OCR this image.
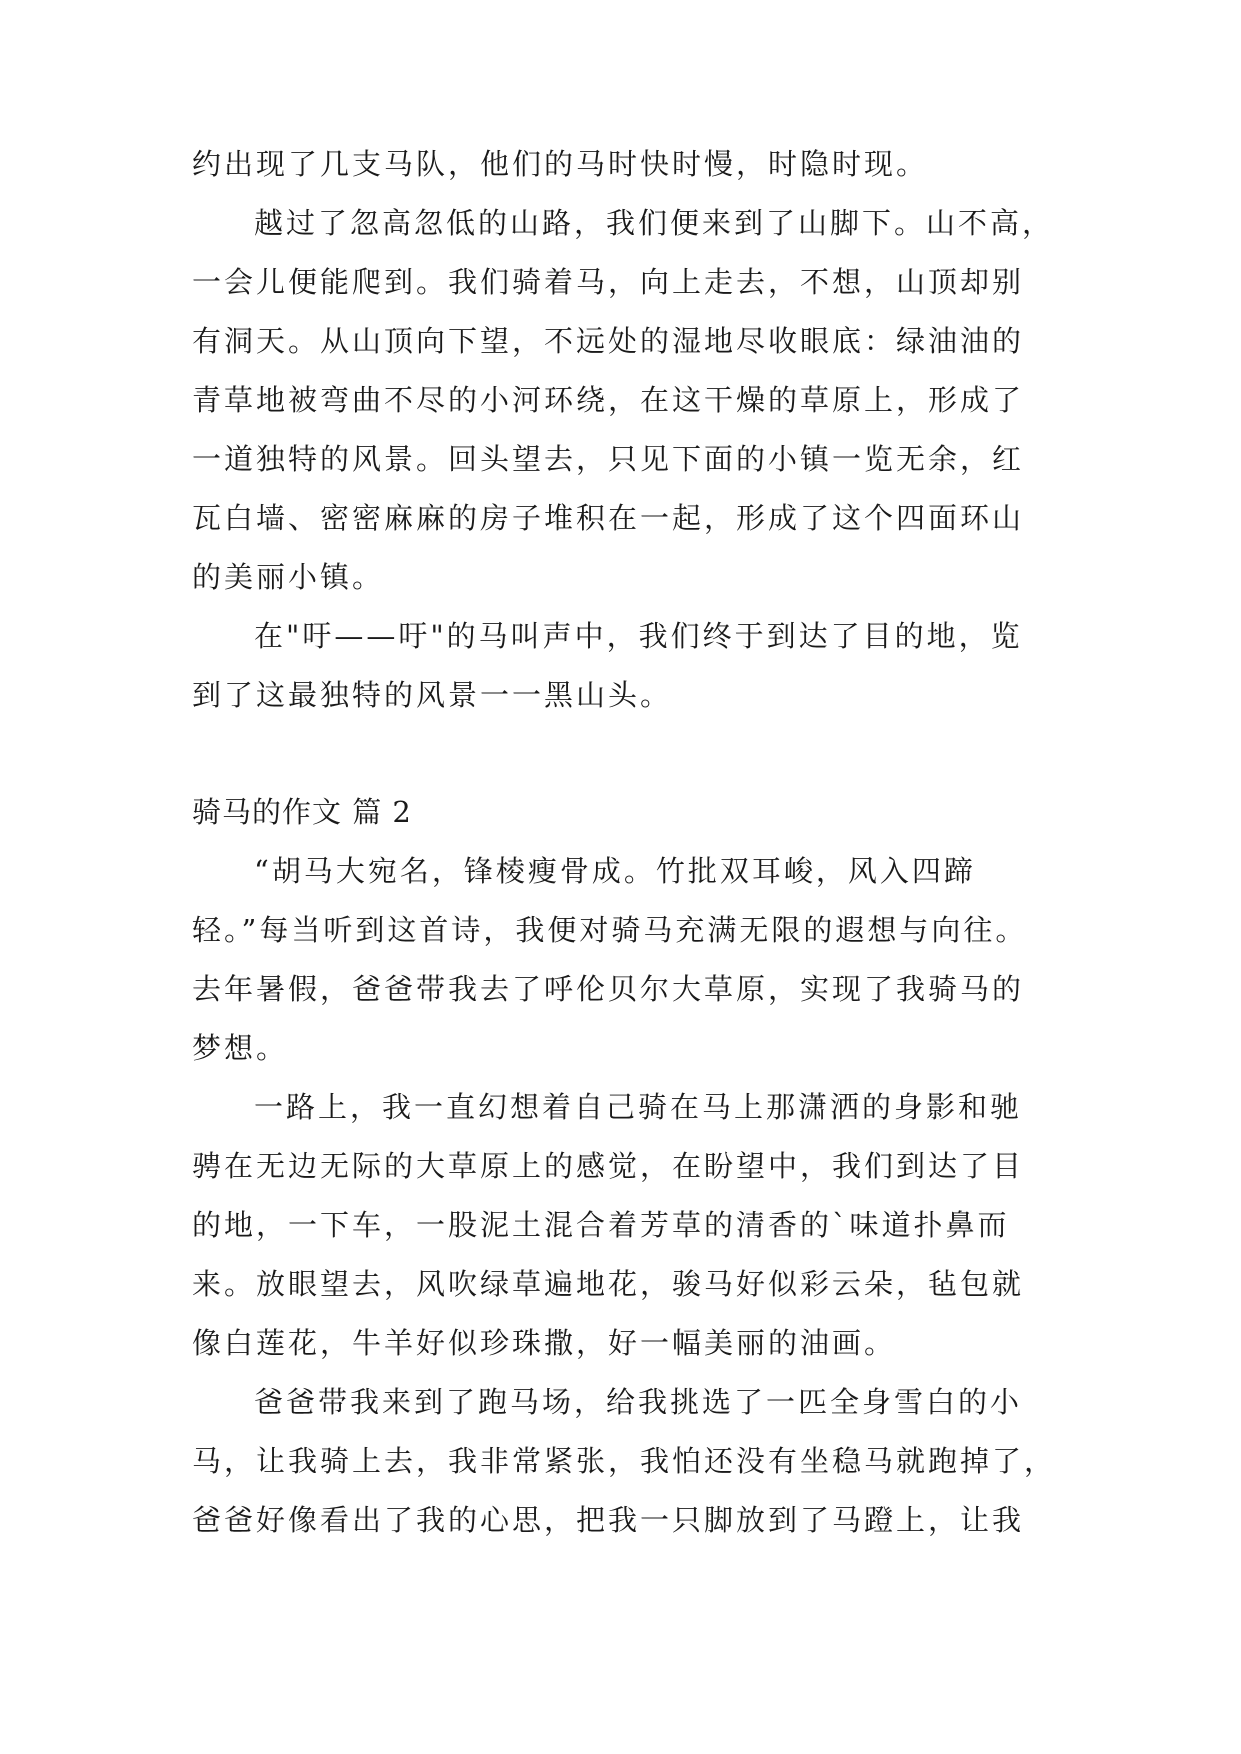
约出现了几支马队，他们的马时快时慢，时隐时现。

越过了忽高忽低的山路，我们便来到了山脚下。山不高，

一会儿便能爬到。我们骑着马，向上走去，不想，山顶却别

有洞天。从山顶向下望，不远处的湿地尽收眼底：绿油油的

青草地被弯曲不尽的小河环绕，在这干燥的草原上，形成了

一道独特的风景。回头望去，只见下面的小镇一览无余，红

瓦白墙、密密麻麻的房子堆积在一起，形成了这个四面环山

的美丽小镇。

在"吁——吁"的马叫声中，我们终于到达了目的地，览

到了这最独特的风景一一黑山头。

骑马的作文 篇 2

“胡马大宛名，锋棱瘦骨成。竹批双耳峻，风入四蹄

轻。”每当听到这首诗，我便对骑马充满无限的遐想与向往。

去年暑假，爸爸带我去了呼伦贝尔大草原，实现了我骑马的

梦想。

一路上，我一直幻想着自己骑在马上那潇洒的身影和驰

骋在无边无际的大草原上的感觉，在盼望中，我们到达了目

的地，一下车，一股泥土混合着芳草的清香的`味道扑鼻而

来。放眼望去，风吹绿草遍地花，骏马好似彩云朵，毡包就

像白莲花，牛羊好似珍珠撒，好一幅美丽的油画。

爸爸带我来到了跑马场，给我挑选了一匹全身雪白的小

马，让我骑上去，我非常紧张，我怕还没有坐稳马就跑掉了，

爸爸好像看出了我的心思，把我一只脚放到了马蹬上，让我
